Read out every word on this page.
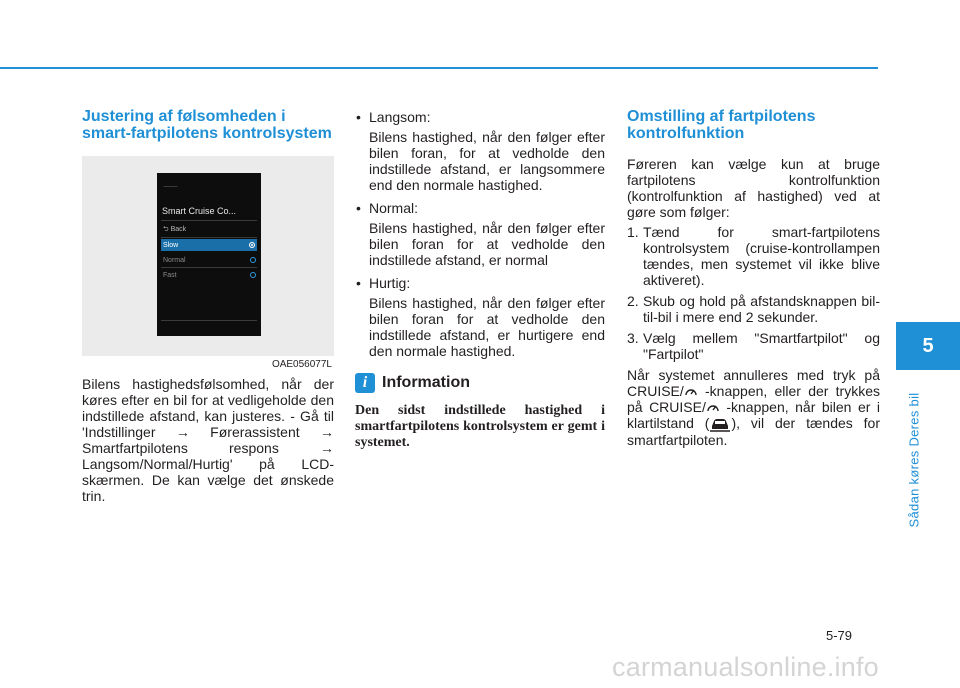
5
Sådan køres Deres bil
Justering af følsomheden i smart-fartpilotens kontrolsystem
Smart Cruise Co...
⮌ Back
Slow
Normal
Fast
OAE056077L

Bilens hastighedsfølsomhed, når der køres efter en bil for at vedligeholde den indstillede afstand, kan justeres. - Gå til 'Indstillinger → Førerassistent → Smartfartpilotens respons → Langsom/Normal/Hurtig' på LCD-skærmen. De kan vælge det ønskede trin.

• Langsom:
Bilens hastighed, når den følger efter bilen foran, for at vedholde den indstillede afstand, er langsommere end den normale hastighed.
• Normal:
Bilens hastighed, når den følger efter bilen foran for at vedholde den indstillede afstand, er normal
• Hurtig:
Bilens hastighed, når den følger efter bilen foran for at vedholde den indstillede afstand, er hurtigere end den normale hastighed.
i Information

Den sidst indstillede hastighed i smartfartpilotens kontrolsystem er gemt i systemet.

Omstilling af fartpilotens kontrolfunktion

Føreren kan vælge kun at bruge fartpilotens kontrolfunktion (kontrolfunktion af hastighed) ved at gøre som følger:

1. Tænd for smart-fartpilotens kontrolsystem (cruise-kontrollampen tændes, men systemet vil ikke blive aktiveret).
2. Skub og hold på afstandsknappen bil-til-bil i mere end 2 sekunder.
3. Vælg mellem "Smartfartpilot" og "Fartpilot"

Når systemet annulleres med tryk på CRUISE/ -knappen, eller der trykkes på CRUISE/ -knappen, når bilen er i klartilstand ( ), vil der tændes for smartfartpiloten.

5-79
carmanualsonline.info
